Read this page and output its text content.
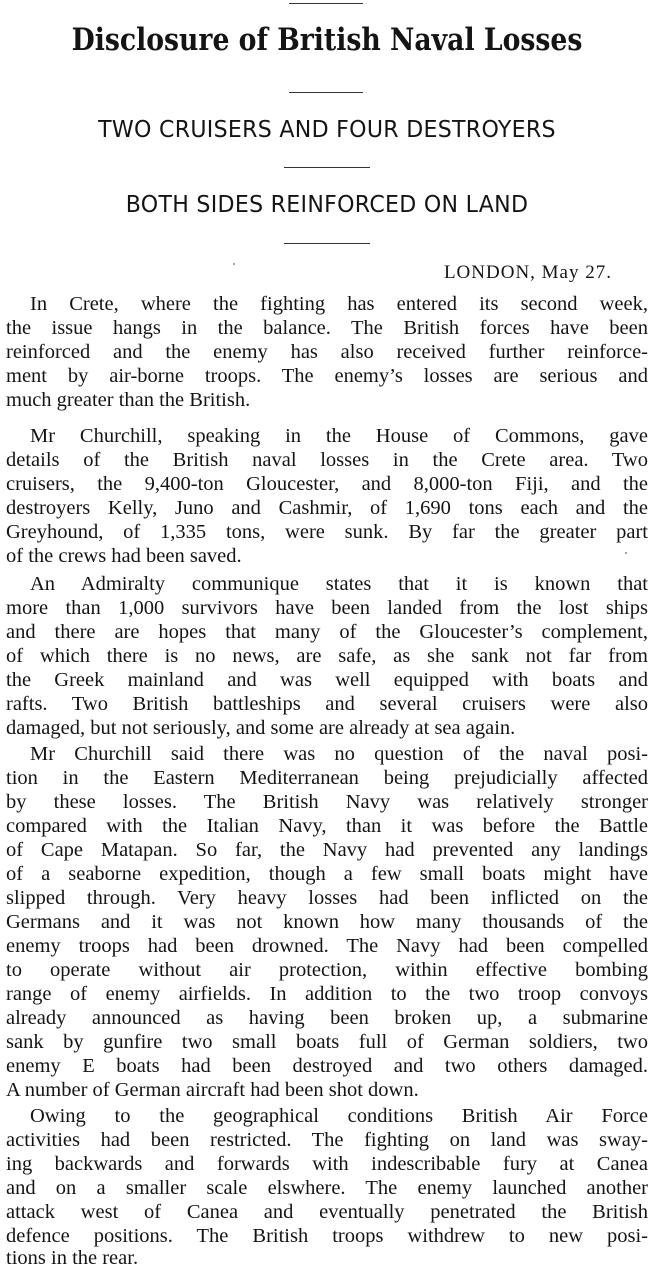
Disclosure of British Naval Losses
TWO CRUISERS AND FOUR DESTROYERS
BOTH SIDES REINFORCED ON LAND
LONDON, May 27.
In Crete, where the fighting has entered its second week,
the issue hangs in the balance. The British forces have been
reinforced and the enemy has also received further reinforce-
ment by air-borne troops. The enemy’s losses are serious and
much greater than the British.
Mr Churchill, speaking in the House of Commons, gave
details of the British naval losses in the Crete area. Two
cruisers, the 9,400-ton Gloucester, and 8,000-ton Fiji, and the
destroyers Kelly, Juno and Cashmir, of 1,690 tons each and the
Greyhound, of 1,335 tons, were sunk. By far the greater part
of the crews had been saved.
An Admiralty communique states that it is known that
more than 1,000 survivors have been landed from the lost ships
and there are hopes that many of the Gloucester’s complement,
of which there is no news, are safe, as she sank not far from
the Greek mainland and was well equipped with boats and
rafts. Two British battleships and several cruisers were also
damaged, but not seriously, and some are already at sea again.
Mr Churchill said there was no question of the naval posi-
tion in the Eastern Mediterranean being prejudicially affected
by these losses. The British Navy was relatively stronger
compared with the Italian Navy, than it was before the Battle
of Cape Matapan. So far, the Navy had prevented any landings
of a seaborne expedition, though a few small boats might have
slipped through. Very heavy losses had been inflicted on the
Germans and it was not known how many thousands of the
enemy troops had been drowned. The Navy had been compelled
to operate without air protection, within effective bombing
range of enemy airfields. In addition to the two troop convoys
already announced as having been broken up, a submarine
sank by gunfire two small boats full of German soldiers, two
enemy E boats had been destroyed and two others damaged.
A number of German aircraft had been shot down.
Owing to the geographical conditions British Air Force
activities had been restricted. The fighting on land was sway-
ing backwards and forwards with indescribable fury at Canea
and on a smaller scale elswhere. The enemy launched another
attack west of Canea and eventually penetrated the British
defence positions. The British troops withdrew to new posi-
tions in the rear.
